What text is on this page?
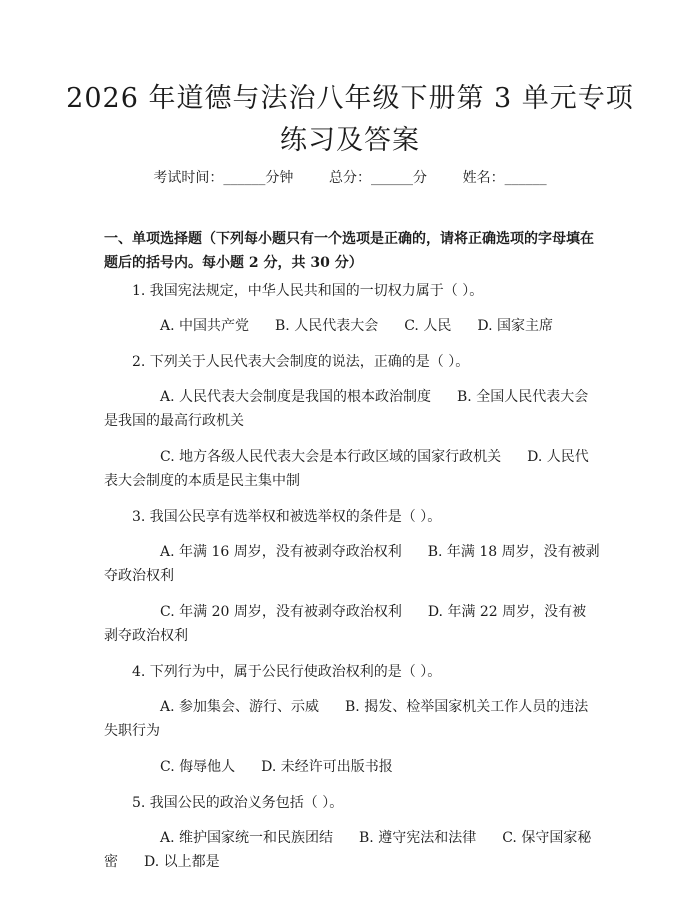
2026 年道德与法治八年级下册第 3 单元专项
练习及答案
考试时间：______分钟	总分：______分	姓名：______
一、单项选择题（下列每小题只有一个选项是正确的，请将正确选项的字母填在题后的括号内。每小题 2 分，共 30 分）

1. 我国宪法规定，中华人民共和国的一切权力属于（ ）。

A. 中国共产党 B. 人民代表大会 C. 人民 D. 国家主席

2. 下列关于人民代表大会制度的说法，正确的是（ ）。

A. 人民代表大会制度是我国的根本政治制度 B. 全国人民代表大会是我国的最高行政机关

C. 地方各级人民代表大会是本行政区域的国家行政机关 D. 人民代表大会制度的本质是民主集中制

3. 我国公民享有选举权和被选举权的条件是（ ）。

A. 年满 16 周岁，没有被剥夺政治权利 B. 年满 18 周岁，没有被剥夺政治权利

C. 年满 20 周岁，没有被剥夺政治权利 D. 年满 22 周岁，没有被剥夺政治权利

4. 下列行为中，属于公民行使政治权利的是（ ）。

A. 参加集会、游行、示威 B. 揭发、检举国家机关工作人员的违法失职行为

C. 侮辱他人 D. 未经许可出版书报

5. 我国公民的政治义务包括（ ）。

A. 维护国家统一和民族团结 B. 遵守宪法和法律 C. 保守国家秘密 D. 以上都是
